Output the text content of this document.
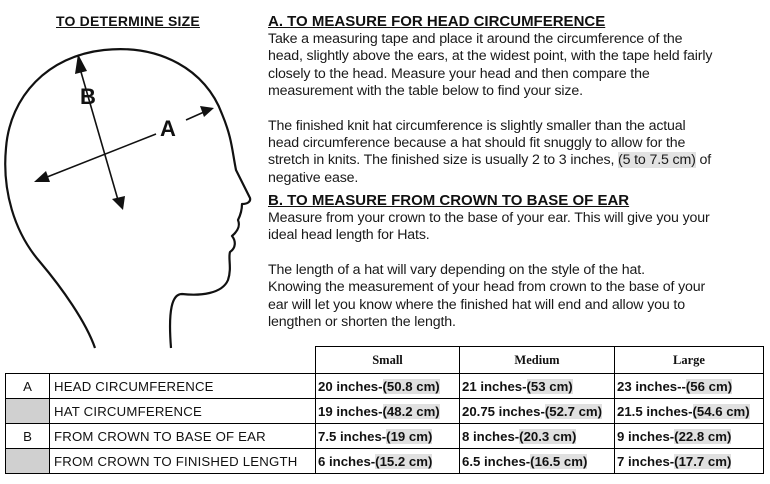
TO DETERMINE SIZE
B
A
A. TO MEASURE FOR HEAD CIRCUMFERENCE

Take a measuring tape and place it around the circumference of the
head, slightly above the ears, at the widest point, with the tape held fairly
closely to the head. Measure your head and then compare the
measurement with the table below to find your size.

The finished knit hat circumference is slightly smaller than the actual
head circumference because a hat should fit snuggly to allow for the
stretch in knits. The finished size is usually 2 to 3 inches, (5 to 7.5 cm) of
negative ease.

B. TO MEASURE FROM CROWN TO BASE OF EAR

Measure from your crown to the base of your ear. This will give you your
ideal head length for Hats.

The length of a hat will vary depending on the style of the hat.
Knowing the measurement of your head from crown to the base of your
ear will let you know where the finished hat will end and allow you to
lengthen or shorten the length.

		Small	Medium	Large
A	HEAD CIRCUMFERENCE	20 inches-(50.8 cm)	21 inches-(53 cm)	23 inches--(56 cm)
	HAT CIRCUMFERENCE	19 inches-(48.2 cm)	20.75 inches-(52.7 cm)	21.5 inches-(54.6 cm)
B	FROM CROWN TO BASE OF EAR	7.5 inches-(19 cm)	8 inches-(20.3 cm)	9 inches-(22.8 cm)
	FROM CROWN TO FINISHED LENGTH	6 inches-(15.2 cm)	6.5 inches-(16.5 cm)	7 inches-(17.7 cm)
